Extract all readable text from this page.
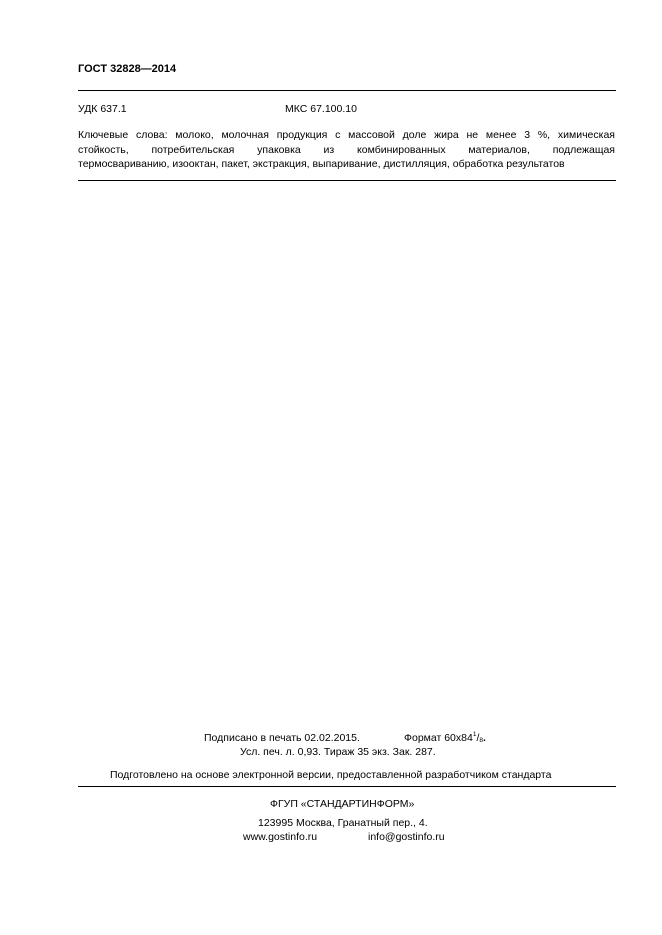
ГОСТ 32828—2014
УДК 637.1	МКС 67.100.10
Ключевые слова: молоко, молочная продукция с массовой доле жира не менее 3 %, химическая
стойкость, потребительская упаковка из комбинированных материалов, подлежащая
термосвариванию, изооктан, пакет, экстракция, выпаривание, дистилляция, обработка результатов
Подписано в печать 02.02.2015.	Формат $60x84^1/_8$.
Усл. печ. л. 0,93. Тираж 35 экз. Зак. 287.
Подготовлено на основе электронной версии, предоставленной разработчиком стандарта
ФГУП «СТАНДАРТИНФОРМ»
123995 Москва, Гранатный пер., 4.
www.gostinfo.ru	info@gostinfo.ru
